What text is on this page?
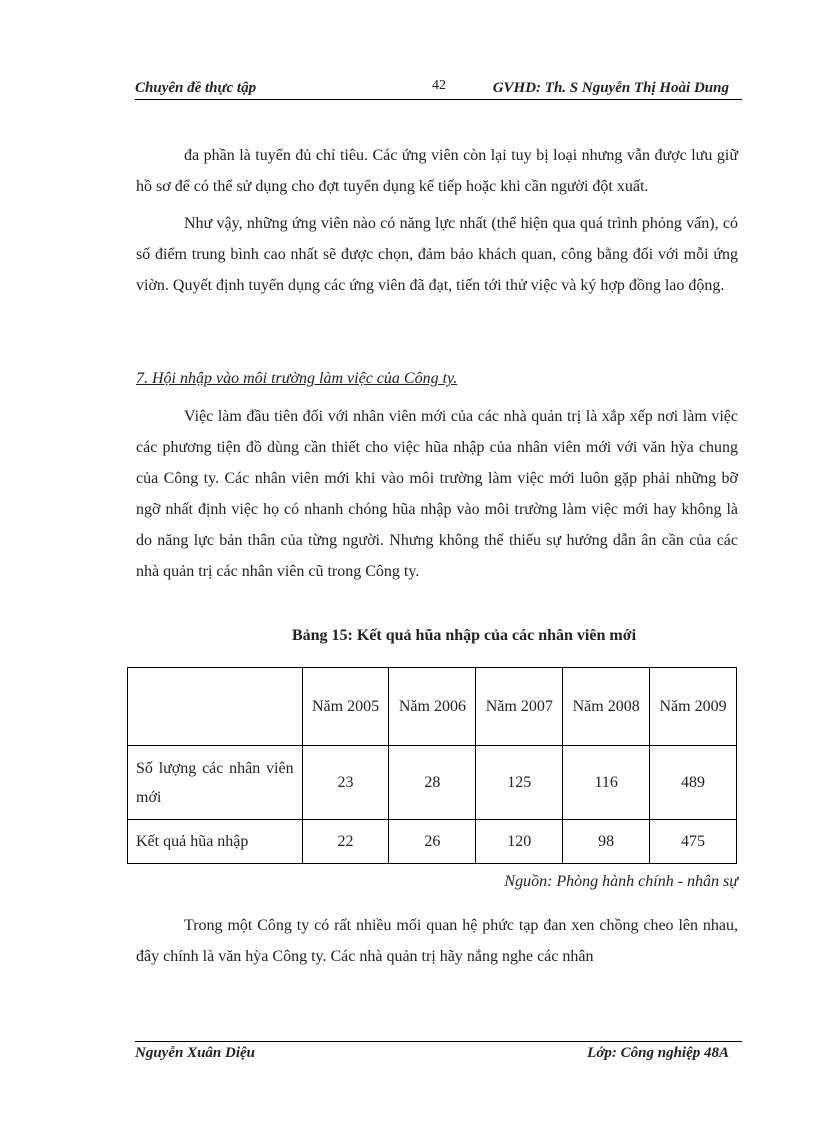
Chuyên đề thực tập	42	GVHD: Th. S Nguyễn Thị Hoài Dung

đa phần là tuyển đủ chỉ tiêu. Các ứng viên còn lại tuy bị loại nhưng vẫn được lưu giữ hồ sơ để có thể sử dụng cho đợt tuyển dụng kế tiếp hoặc khi cần người đột xuất.

Như vậy, những ứng viên nào có năng lực nhất (thể hiện qua quá trình phỏng vấn), có số điểm trung bình cao nhất sẽ được chọn, đảm bảo khách quan, công bằng đối với mỗi ứng viờn. Quyết định tuyển dụng các ứng viên đã đạt, tiến tới thử việc và ký hợp đồng lao động.

7. Hội nhập vào môi trường làm việc của Công ty.

Việc làm đầu tiên đối với nhân viên mới của các nhà quản trị là xắp xếp nơi làm việc các phương tiện đồ dùng cần thiết cho việc hũa nhập của nhân viên mới với văn hỳa chung của Công ty. Các nhân viên mới khi vào môi trường làm việc mới luôn gặp phải những bỡ ngỡ nhất định việc họ có nhanh chóng hũa nhập vào môi trường làm việc mới hay không là do năng lực bản thân của từng người. Nhưng không thể thiếu sự hướng dẫn ân cần của các nhà quản trị các nhân viên cũ trong Công ty.

Bảng 15: Kết quả hũa nhập của các nhân viên mới
	Năm 2005	Năm 2006	Năm 2007	Năm 2008	Năm 2009
Số lượng các nhân viên mới	23	28	125	116	489
Kết quả hũa nhập	22	26	120	98	475
Nguồn: Phòng hành chính - nhân sự

Trong một Công ty có rất nhiều mối quan hệ phức tạp đan xen chồng cheo lên nhau, đây chính là văn hỳa Công ty. Các nhà quản trị hãy nắng nghe các nhân

Nguyễn Xuân Diệu	Lớp: Công nghiệp 48A
